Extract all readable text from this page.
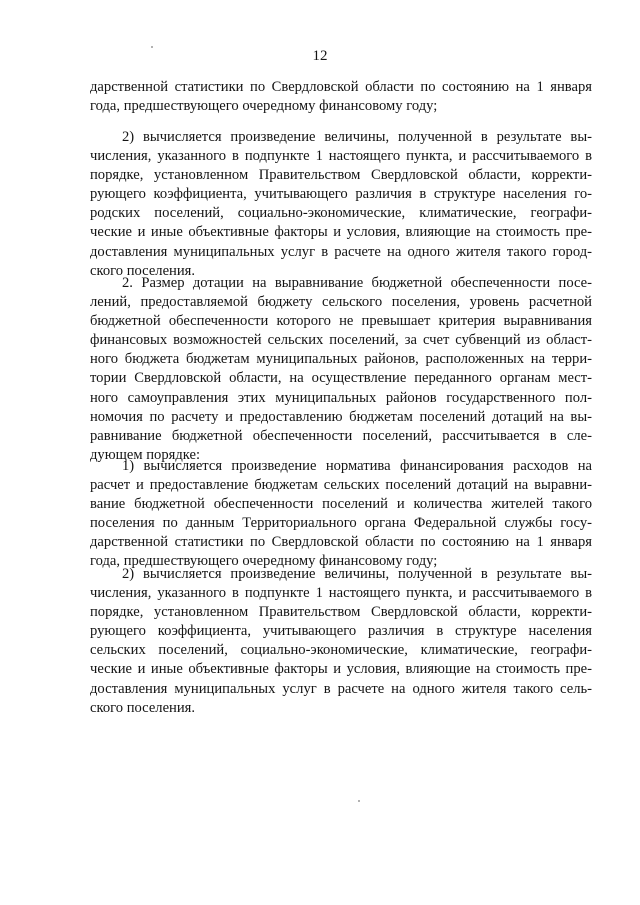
12

дарственной статистики по Свердловской области по состоянию на 1 января
года, предшествующего очередному финансовому году;

2) вычисляется произведение величины, полученной в результате вы-
числения, указанного в подпункте 1 настоящего пункта, и рассчитываемого в
порядке, установленном Правительством Свердловской области, корректи-
рующего коэффициента, учитывающего различия в структуре населения го-
родских поселений, социально-экономические, климатические, географи-
ческие и иные объективные факторы и условия, влияющие на стоимость пре-
доставления муниципальных услуг в расчете на одного жителя такого город-
ского поселения.

2. Размер дотации на выравнивание бюджетной обеспеченности посе-
лений, предоставляемой бюджету сельского поселения, уровень расчетной
бюджетной обеспеченности которого не превышает критерия выравнивания
финансовых возможностей сельских поселений, за счет субвенций из област-
ного бюджета бюджетам муниципальных районов, расположенных на терри-
тории Свердловской области, на осуществление переданного органам мест-
ного самоуправления этих муниципальных районов государственного пол-
номочия по расчету и предоставлению бюджетам поселений дотаций на вы-
равнивание бюджетной обеспеченности поселений, рассчитывается в сле-
дующем порядке:

1) вычисляется произведение норматива финансирования расходов на
расчет и предоставление бюджетам сельских поселений дотаций на выравни-
вание бюджетной обеспеченности поселений и количества жителей такого
поселения по данным Территориального органа Федеральной службы госу-
дарственной статистики по Свердловской области по состоянию на 1 января
года, предшествующего очередному финансовому году;

2) вычисляется произведение величины, полученной в результате вы-
числения, указанного в подпункте 1 настоящего пункта, и рассчитываемого в
порядке, установленном Правительством Свердловской области, корректи-
рующего коэффициента, учитывающего различия в структуре населения
сельских поселений, социально-экономические, климатические, географи-
ческие и иные объективные факторы и условия, влияющие на стоимость пре-
доставления муниципальных услуг в расчете на одного жителя такого сель-
ского поселения.
